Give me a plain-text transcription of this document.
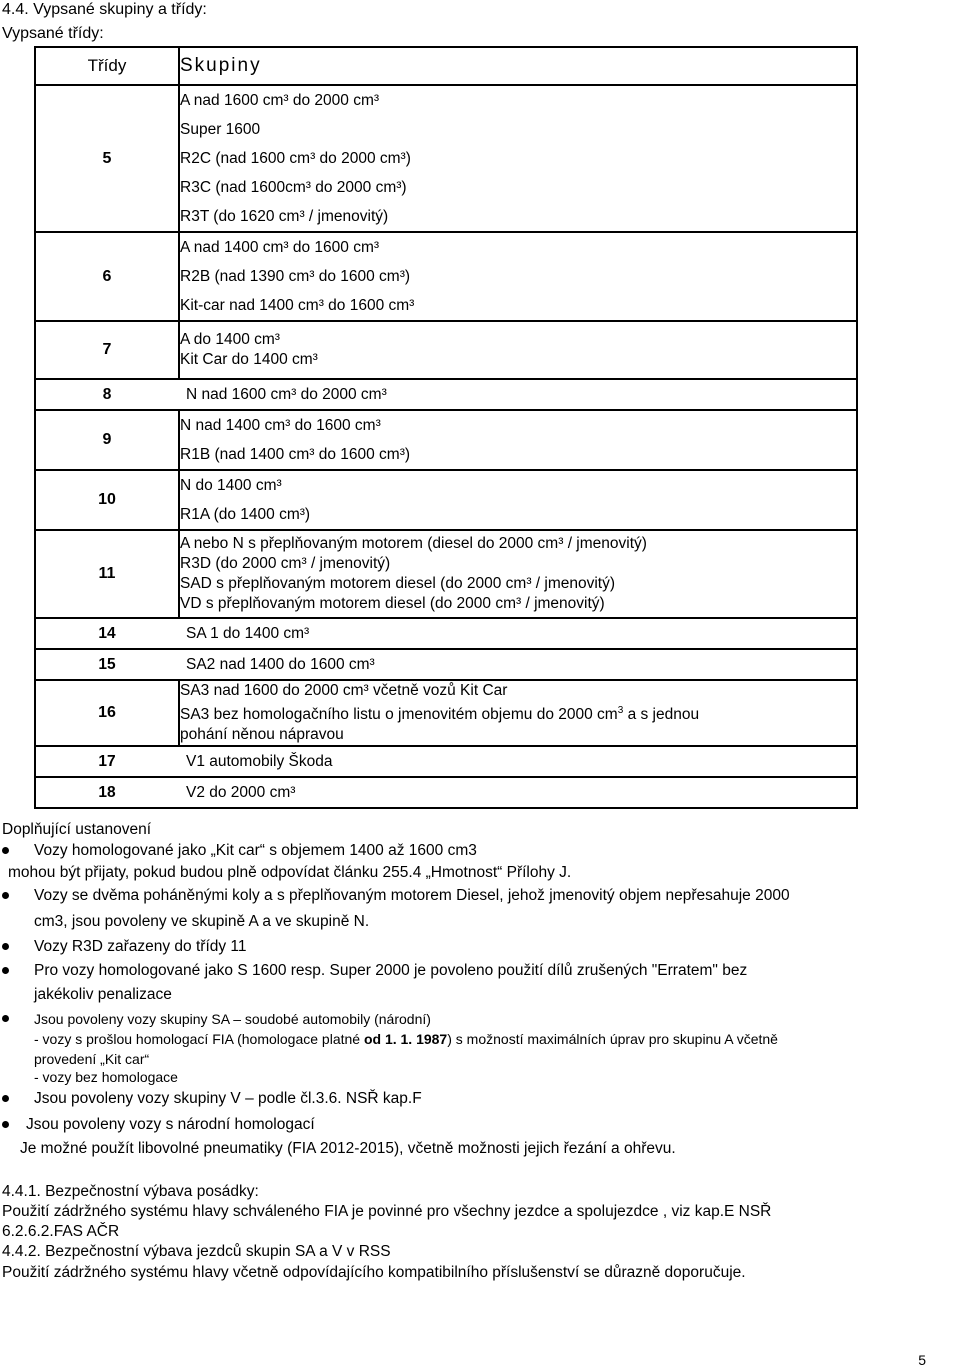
4.4. Vypsané skupiny a třídy:
Vypsané třídy:
Třídy	Skupiny
5	A nad 1600 cm³ do 2000 cm³
Super 1600
R2C (nad 1600 cm³ do 2000 cm³)
R3C (nad 1600cm³ do 2000 cm³)
R3T (do 1620 cm³ / jmenovitý)

6	A nad 1400 cm³ do 1600 cm³
R2B (nad 1390 cm³ do 1600 cm³)
Kit-car nad 1400 cm³ do 1600 cm³

7	A do 1400 cm³
Kit Car do 1400 cm³

8 N nad 1600 cm³ do 2000 cm³	

9	N nad 1400 cm³ do 1600 cm³
R1B (nad 1400 cm³ do 1600 cm³)

10	N do 1400 cm³
R1A (do 1400 cm³)

11	A nebo N s přeplňovaným motorem (diesel do 2000 cm³ / jmenovitý)
R3D (do 2000 cm³ / jmenovitý)
SAD s přeplňovaným motorem diesel (do 2000 cm³ / jmenovitý)
VD s přeplňovaným motorem diesel (do 2000 cm³ / jmenovitý)

14 SA 1 do 1400 cm³	

15 SA2 nad 1400 do 1600 cm³	

16	SA3 nad 1600 do 2000 cm³ včetně vozů Kit Car
SA3 bez homologačního listu o jmenovitém objemu do 2000 $cm^3$ a s jednou
pohání něnou nápravou

17 V1 automobily Škoda	

18 V2 do 2000 cm³	
Doplňující ustanovení
Vozy homologované jako „Kit car“ s objemem 1400 až 1600 cm3
mohou být přijaty, pokud budou plně odpovídat článku 255.4 „Hmotnost“ Přílohy J.
Vozy se dvěma poháněnými koly a s přeplňovaným motorem Diesel, jehož jmenovitý objem nepřesahuje 2000
cm3, jsou povoleny ve skupině A a ve skupině N.
Vozy R3D zařazeny do třídy 11
Pro vozy homologované jako S 1600 resp. Super 2000 je povoleno použití dílů zrušených "Erratem" bez
jakékoliv penalizace
Jsou povoleny vozy skupiny SA – soudobé automobily (národní)
- vozy s prošlou homologací FIA (homologace platné od 1. 1. 1987) s možností maximálních úprav pro skupinu A včetně
provedení „Kit car“
- vozy bez homologace
Jsou povoleny vozy skupiny V – podle čl.3.6. NSŘ kap.F
Jsou povoleny vozy s národní homologací
Je možné použít libovolné pneumatiky (FIA 2012-2015), včetně možnosti jejich řezání a ohřevu.
4.4.1. Bezpečnostní výbava posádky:
Použití zádržného systému hlavy schváleného FIA je povinné pro všechny jezdce a spolujezdce , viz kap.E NSŘ
6.2.6.2.FAS AČR
4.4.2. Bezpečnostní výbava jezdců skupin SA a V v RSS
Použití zádržného systému hlavy včetně odpovídajícího kompatibilního příslušenství se důrazně doporučuje.
5
